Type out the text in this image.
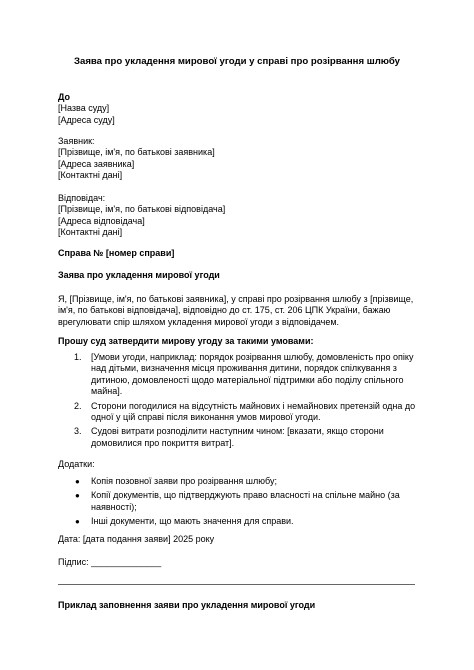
Заява про укладення мирової угоди у справі про розірвання шлюбу
До
[Назва суду]
[Адреса суду]
Заявник:
[Прізвище, ім'я, по батькові заявника]
[Адреса заявника]
[Контактні дані]
Відповідач:
[Прізвище, ім'я, по батькові відповідача]
[Адреса відповідача]
[Контактні дані]
Справа № [номер справи]
Заява про укладення мирової угоди
Я, [Прізвище, ім'я, по батькові заявника], у справі про розірвання шлюбу з [прізвище, ім'я, по батькові відповідача], відповідно до ст. 175, ст. 206 ЦПК України, бажаю врегулювати спір шляхом укладення мирової угоди з відповідачем.
Прошу суд затвердити мирову угоду за такими умовами:
1. [Умови угоди, наприклад: порядок розірвання шлюбу, домовленість про опіку над дітьми, визначення місця проживання дитини, порядок спілкування з дитиною, домовленості щодо матеріальної підтримки або поділу спільного майна].
2. Сторони погодилися на відсутність майнових і немайнових претензій одна до одної у цій справі після виконання умов мирової угоди.
3. Судові витрати розподілити наступним чином: [вказати, якщо сторони домовилися про покриття витрат].
Додатки:
● Копія позовної заяви про розірвання шлюбу;
● Копії документів, що підтверджують право власності на спільне майно (за наявності);
● Інші документи, що мають значення для справи.
Дата: [дата подання заяви] 2025 року
Підпис: ______________
Приклад заповнення заяви про укладення мирової угоди
